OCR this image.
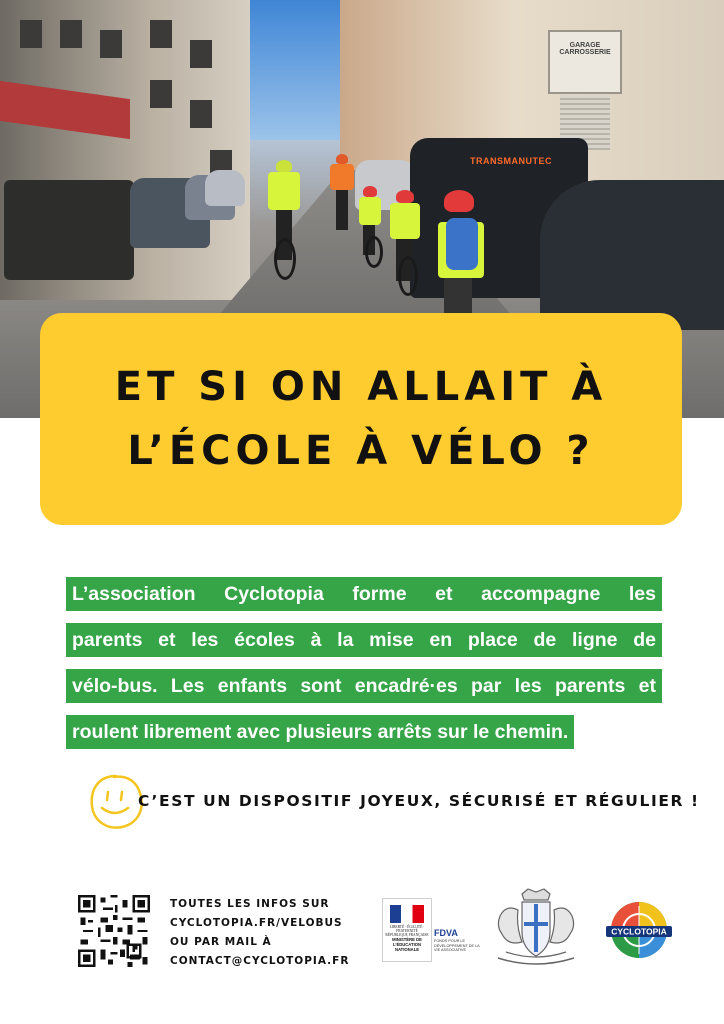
GARAGE CARROSSERIE
TRANSMANUTEC
ET SI ON ALLAIT À
L’ÉCOLE À VÉLO ?
L’association Cyclotopia forme et accompagne les
parents et les écoles à la mise en place de ligne de
vélo-bus. Les enfants sont encadré·es par les parents et
roulent librement avec plusieurs arrêts sur le chemin.
C’EST UN DISPOSITIF JOYEUX, SÉCURISÉ ET RÉGULIER !
TOUTES LES INFOS SUR
CYCLOTOPIA.FR/VELOBUS
OU PAR MAIL À
CONTACT@CYCLOTOPIA.FR
LIBERTÉ · ÉGALITÉ · FRATERNITÉ RÉPUBLIQUE FRANÇAISE
MINISTÈRE DE L’ÉDUCATION NATIONALE
FDVA
FONDS POUR LE DÉVELOPPEMENT DE LA VIE ASSOCIATIVE
CYCLOTOPIA
